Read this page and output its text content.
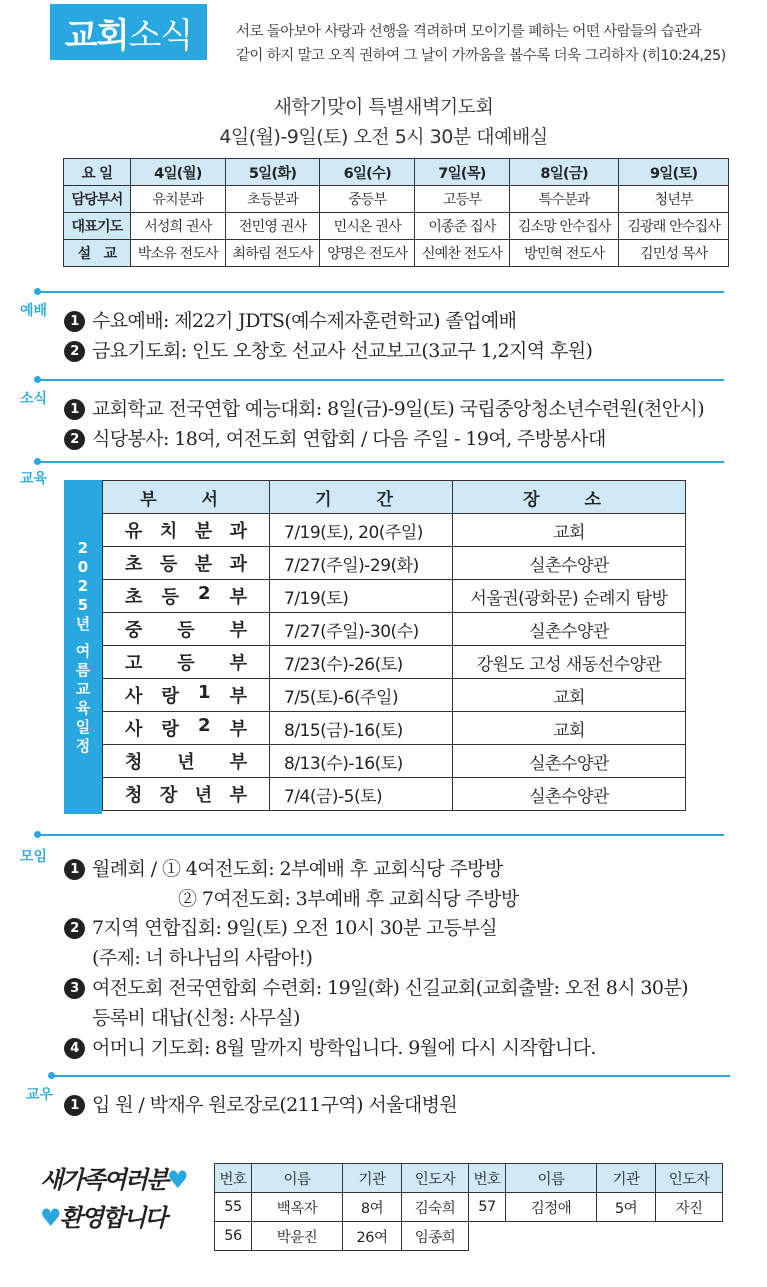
교회 소식	서로 돌아보아 사랑과 선행을 격려하며 모이기를 폐하는 어떤 사람들의 습관과
같이 하지 말고 오직 권하여 그 날이 가까움을 볼수록 더욱 그리하자 (히10:24,25)
새학기맞이 특별새벽기도회
4일(월)-9일(토) 오전 5시 30분 대예배실
요 일	4일(월)	5일(화)	6일(수)	7일(목)	8일(금)	9일(토)
담당부서	유치분과	초등분과	중등부	고등부	특수분과	청년부
대표기도	서성희 권사	전민영 권사	민시온 권사	이종준 집사	김소망 안수집사	김광래 안수집사
설　교	박소유 전도사	최하림 전도사	양명은 전도사	신예찬 전도사	방민혁 전도사	김민성 목사
예배
1 수요예배: 제22기 JDTS(예수제자훈련학교) 졸업예배
2 금요기도회: 인도 오창호 선교사 선교보고(3교구 1,2지역 후원)
소식
1 교회학교 전국연합 예능대회: 8일(금)-9일(토) 국립중앙청소년수련원(천안시)
2 식당봉사: 18여, 여전도회 연합회 / 다음 주일 - 19여, 주방봉사대
교육
2
0
2
5
년
여
름
교
육
일
정
부　서	기　간	장　소

유 치 분 과	7/19(토), 20(주일)	교회

초 등 분 과	7/27(주일)-29(화)	실촌수양관

초 등 2 부	7/19(토)	서울권(광화문) 순례지 탐방

중 등 부	7/27(주일)-30(수)	실촌수양관

고 등 부	7/23(수)-26(토)	강원도 고성 새동선수양관

사 랑 1 부	7/5(토)-6(주일)	교회

사 랑 2 부	8/15(금)-16(토)	교회

청 년 부	8/13(수)-16(토)	실촌수양관

청 장 년 부	7/4(금)-5(토)	실촌수양관
모임
1 월례회 / ① 4여전도회: 2부예배 후 교회식당 주방방
② 7여전도회: 3부예배 후 교회식당 주방방
2 7지역 연합집회: 9일(토) 오전 10시 30분 고등부실
(주제: 너 하나님의 사람아!)
3 여전도회 전국연합회 수련회: 19일(화) 신길교회(교회출발: 오전 8시 30분)
등록비 대납(신청: 사무실)
4 어머니 기도회: 8월 말까지 방학입니다. 9월에 다시 시작합니다.
교우
1 입 원 / 박재우 원로장로(211구역) 서울대병원
새가족여러분♥
♥환영합니다
번호	이름	기관	인도자	번호	이름	기관	인도자
55	백옥자	8여	김숙희	57	김정애	5여	자진
56	박윤진	26여	임종희				
